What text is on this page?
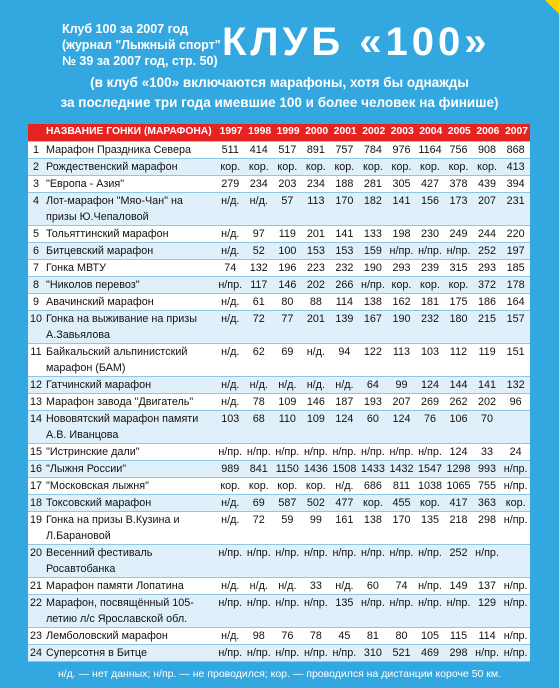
Клуб 100 за 2007 год
(журнал "Лыжный спорт"
№ 39 за 2007 год, стр. 50) КЛУБ «100»
(в клуб «100» включаются марафоны, хотя бы однажды
за последние три года имевшие 100 и более человек на финише)
	НАЗВАНИЕ ГОНКИ (МАРАФОНА)	1997	1998	1999	2000	2001	2002	2003	2004	2005	2006	2007
1	Марафон Праздника Севера	511	414	517	891	757	784	976	1164	756	908	868
2	Рождественский марафон	кор.	кор.	кор.	кор.	кор.	кор.	кор.	кор.	кор.	кор.	413
3	"Европа - Азия"	279	234	203	234	188	281	305	427	378	439	394
4	Лот-марафон "Мяо-Чан" на призы Ю.Чепаловой	н/д.	н/д.	57	113	170	182	141	156	173	207	231
5	Тольяттинский марафон	н/д.	97	119	201	141	133	198	230	249	244	220
6	Битцевский марафон	н/д.	52	100	153	153	159	н/пр.	н/пр.	н/пр.	252	197
7	Гонка МВТУ	74	132	196	223	232	190	293	239	315	293	185
8	"Николов перевоз"	н/пр.	117	146	202	266	н/пр.	кор.	кор.	кор.	372	178
9	Авачинский марафон	н/д.	61	80	88	114	138	162	181	175	186	164
10	Гонка на выживание на призы А.Завьялова	н/д.	72	77	201	139	167	190	232	180	215	157
11	Байкальский альпинистский марафон (БАМ)	н/д.	62	69	н/д.	94	122	113	103	112	119	151
12	Гатчинский марафон	н/д.	н/д.	н/д.	н/д.	н/д.	64	99	124	144	141	132
13	Марафон завода "Двигатель"	н/д.	78	109	146	187	193	207	269	262	202	96
14	Нововятский марафон памяти А.В. Иванцова	103	68	110	109	124	60	124	76	106	70	
15	"Истринские дали"	н/пр.	н/пр.	н/пр.	н/пр.	н/пр.	н/пр.	н/пр.	н/пр.	124	33	24
16	"Лыжня России"	989	841	1150	1436	1508	1433	1432	1547	1298	993	н/пр.
17	"Московская лыжня"	кор.	кор.	кор.	кор.	н/д.	686	811	1038	1065	755	н/пр.
18	Токсовский марафон	н/д.	69	587	502	477	кор.	455	кор.	417	363	кор.
19	Гонка на призы В.Кузина и Л.Барановой	н/д.	72	59	99	161	138	170	135	218	298	н/пр.
20	Весенний фестиваль Росавтобанка	н/пр.	н/пр.	н/пр.	н/пр.	н/пр.	н/пр.	н/пр.	н/пр.	252	н/пр.	
21	Марафон памяти Лопатина	н/д.	н/д.	н/д.	33	н/д.	60	74	н/пр.	149	137	н/пр.
22	Марафон, посвящённый 105-летию л/с Ярославской обл.	н/пр.	н/пр.	н/пр.	н/пр.	135	н/пр.	н/пр.	н/пр.	н/пр.	129	н/пр.
23	Лемболовский марафон	н/д.	98	76	78	45	81	80	105	115	114	н/пр.
24	Суперсотня в Битце	н/пр.	н/пр.	н/пр.	н/пр.	н/пр.	310	521	469	298	н/пр.	н/пр.
н/д. — нет данных; н/пр. — не проводился; кор. — проводился на дистанции короче 50 км.
